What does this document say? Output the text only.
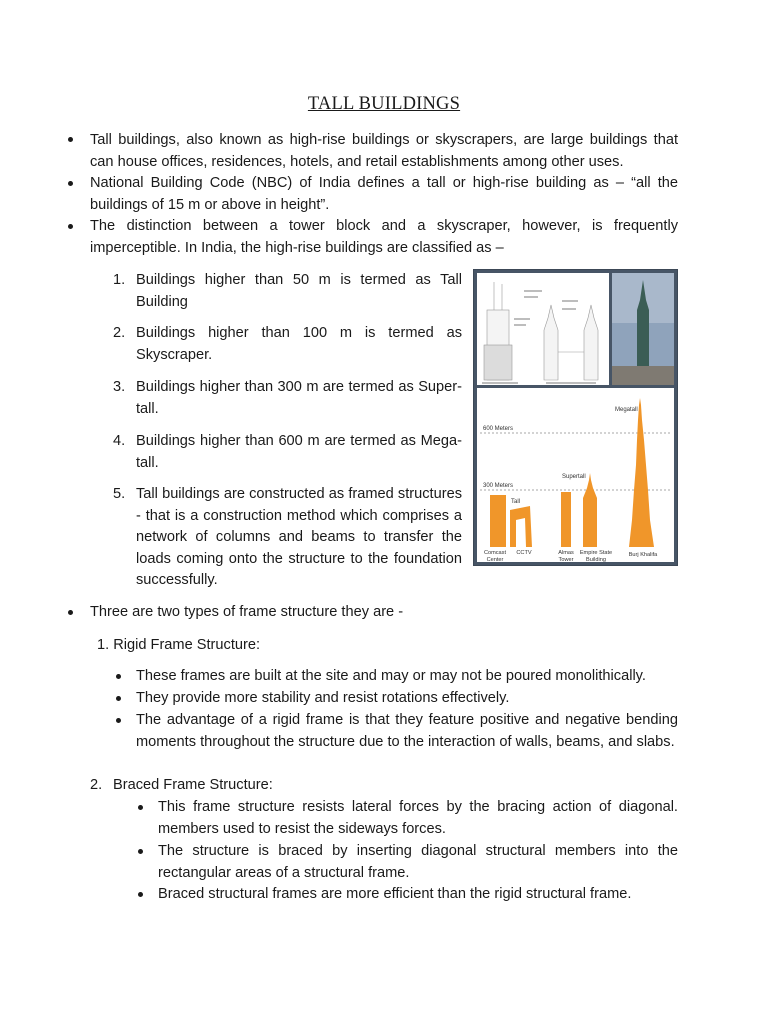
TALL BUILDINGS
Tall buildings, also known as high-rise buildings or skyscrapers, are large buildings that can house offices, residences, hotels, and retail establishments among other uses.
National Building Code (NBC) of India defines a tall or high-rise building as – “all the buildings of 15 m or above in height”.
The distinction between a tower block and a skyscraper, however, is frequently imperceptible. In India, the high-rise buildings are classified as –
1. Buildings higher than 50 m is termed as Tall Building
2. Buildings higher than 100 m is termed as Skyscraper.
3. Buildings higher than 300 m are termed as Super-tall.
4. Buildings higher than 600 m are termed as Mega-tall.
5. Tall buildings are constructed as framed structures - that is a construction method which comprises a network of columns and beams to transfer the loads coming onto the structure to the foundation successfully.
600 Meters
300 Meters
Tall
Supertall
Megatall
Comcast
Center
CCTV	Almas
Tower
Empire State
Building
Burj Khalifa
Three are two types of frame structure they are -
1. Rigid Frame Structure:
These frames are built at the site and may or may not be poured monolithically.
They provide more stability and resist rotations effectively.
The advantage of a rigid frame is that they feature positive and negative bending moments throughout the structure due to the interaction of walls, beams, and slabs.
2. Braced Frame Structure:
This frame structure resists lateral forces by the bracing action of diagonal. members used to resist the sideways forces.
The structure is braced by inserting diagonal structural members into the rectangular areas of a structural frame.
Braced structural frames are more efficient than the rigid structural frame.
